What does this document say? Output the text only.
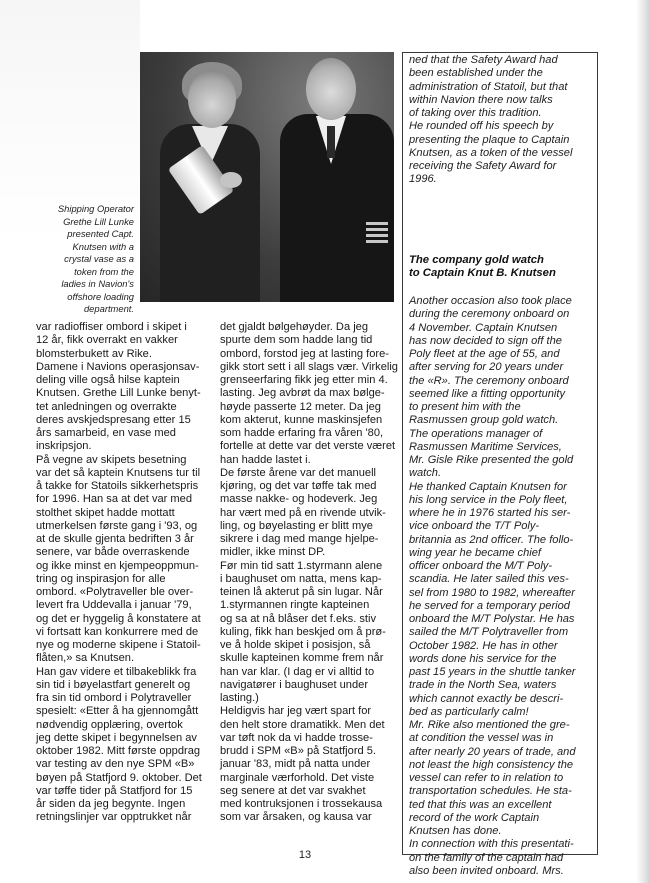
Shipping Operator
Grethe Lill Lunke
presented Capt.
Knutsen with a
crystal vase as a
token from the
ladies in Navion's
offshore loading
department.
var radioffiser ombord i skipet i
12 år, fikk overrakt en vakker
blomsterbukett av Rike.
Damene i Navions operasjonsav-
deling ville også hilse kaptein
Knutsen. Grethe Lill Lunke benyt-
tet anledningen og overrakte
deres avskjedspresang etter 15
års samarbeid, en vase med
inskripsjon.
På vegne av skipets besetning
var det så kaptein Knutsens tur til
å takke for Statoils sikkerhetspris
for 1996. Han sa at det var med
stolthet skipet hadde mottatt
utmerkelsen første gang i '93, og
at de skulle gjenta bedriften 3 år
senere, var både overraskende
og ikke minst en kjempeoppmun-
tring og inspirasjon for alle
ombord. «Polytraveller ble over-
levert fra Uddevalla i januar '79,
og det er hyggelig å konstatere at
vi fortsatt kan konkurrere med de
nye og moderne skipene i Statoil-
flåten,» sa Knutsen.
Han gav videre et tilbakeblikk fra
sin tid i bøyelastfart generelt og
fra sin tid ombord i Polytraveller
spesielt: «Etter å ha gjennomgått
nødvendig opplæring, overtok
jeg dette skipet i begynnelsen av
oktober 1982. Mitt første oppdrag
var testing av den nye SPM «B»
bøyen på Statfjord 9. oktober. Det
var tøffe tider på Statfjord for 15
år siden da jeg begynte. Ingen
retningslinjer var opptrukket når
det gjaldt bølgehøyder. Da jeg
spurte dem som hadde lang tid
ombord, forstod jeg at lasting fore-
gikk stort sett i all slags vær. Virkelig
grenseerfaring fikk jeg etter min 4.
lasting. Jeg avbrøt da max bølge-
høyde passerte 12 meter. Da jeg
kom akterut, kunne maskinsjefen
som hadde erfaring fra våren '80,
fortelle at dette var det verste været
han hadde lastet i.
De første årene var det manuell
kjøring, og det var tøffe tak med
masse nakke- og hodeverk. Jeg
har vært med på en rivende utvik-
ling, og bøyelasting er blitt mye
sikrere i dag med mange hjelpe-
midler, ikke minst DP.
Før min tid satt 1.styrmann alene
i baughuset om natta, mens kap-
teinen lå akterut på sin lugar. Når
1.styrmannen ringte kapteinen
og sa at nå blåser det f.eks. stiv
kuling, fikk han beskjed om å prø-
ve å holde skipet i posisjon, så
skulle kapteinen komme frem når
han var klar. (I dag er vi alltid to
navigatører i baughuset under
lasting.)
Heldigvis har jeg vært spart for
den helt store dramatikk. Men det
var tøft nok da vi hadde trosse-
brudd i SPM «B» på Statfjord 5.
januar '83, midt på natta under
marginale værforhold. Det viste
seg senere at det var svakhet
med kontruksjonen i trossekausa
som var årsaken, og kausa var
ned that the Safety Award had
been established under the
administration of Statoil, but that
within Navion there now talks
of taking over this tradition.
He rounded off his speech by
presenting the plaque to Captain
Knutsen, as a token of the vessel
receiving the Safety Award for
1996.
The company gold watch
to Captain Knut B. Knutsen
Another occasion also took place
during the ceremony onboard on
4 November. Captain Knutsen
has now decided to sign off the
Poly fleet at the age of 55, and
after serving for 20 years under
the «R». The ceremony onboard
seemed like a fitting opportunity
to present him with the
Rasmussen group gold watch.
The operations manager of
Rasmussen Maritime Services,
Mr. Gisle Rike presented the gold
watch.
He thanked Captain Knutsen for
his long service in the Poly fleet,
where he in 1976 started his ser-
vice onboard the T/T Poly-
britannia as 2nd officer. The follo-
wing year he became chief
officer onboard the M/T Poly-
scandia. He later sailed this ves-
sel from 1980 to 1982, whereafter
he served for a temporary period
onboard the M/T Polystar. He has
sailed the M/T Polytraveller from
October 1982. He has in other
words done his service for the
past 15 years in the shuttle tanker
trade in the North Sea, waters
which cannot exactly be descri-
bed as particularly calm!
Mr. Rike also mentioned the gre-
at condition the vessel was in
after nearly 20 years of trade, and
not least the high consistency the
vessel can refer to in relation to
transportation schedules. He sta-
ted that this was an excellent
record of the work Captain
Knutsen has done.
In connection with this presentati-
on the family of the captain had
also been invited onboard. Mrs.
13
